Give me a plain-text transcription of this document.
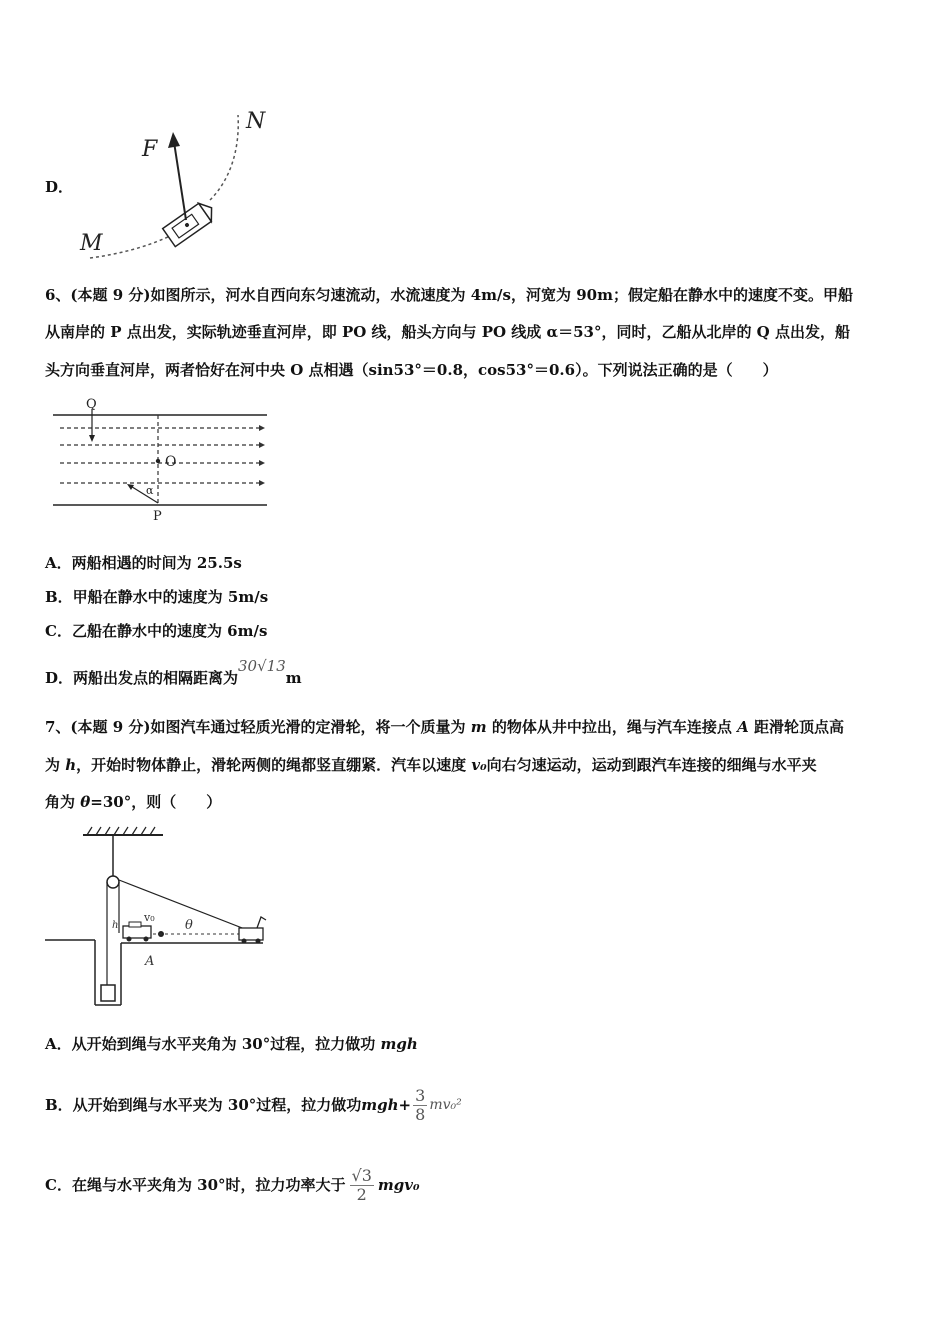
D．
F
N
M
6、(本题 9 分)如图所示，河水自西向东匀速流动，水流速度为 4m/s，河宽为 90m；假定船在静水中的速度不变。甲船
从南岸的 P 点出发，实际轨迹垂直河岸，即 PO 线，船头方向与 PO 线成 α＝53°，同时，乙船从北岸的 Q 点出发，船
头方向垂直河岸，两者恰好在河中央 O 点相遇（sin53°＝0.8，cos53°＝0.6）。下列说法正确的是（　　）
Q
O
P
α
A．两船相遇的时间为 25.5s
B．甲船在静水中的速度为 5m/s
C．乙船在静水中的速度为 6m/s
D．两船出发点的相隔距离为30√13m
7、(本题 9 分)如图汽车通过轻质光滑的定滑轮，将一个质量为 m 的物体从井中拉出，绳与汽车连接点 A 距滑轮顶点高
为 h，开始时物体静止，滑轮两侧的绳都竖直绷紧．汽车以速度 v₀向右匀速运动，运动到跟汽车连接的细绳与水平夹
角为 θ=30°，则（　　）
h
v₀
θ
A
A．从开始到绳与水平夹角为 30°过程，拉力做功 mgh
B．从开始到绳与水平夹为 30°过程，拉力做功 $mgh+ \frac{3}{8} mv_0^2$
C．在绳与水平夹角为 30°时，拉力功率大于 $\frac{√3}{2} mgv_0$
